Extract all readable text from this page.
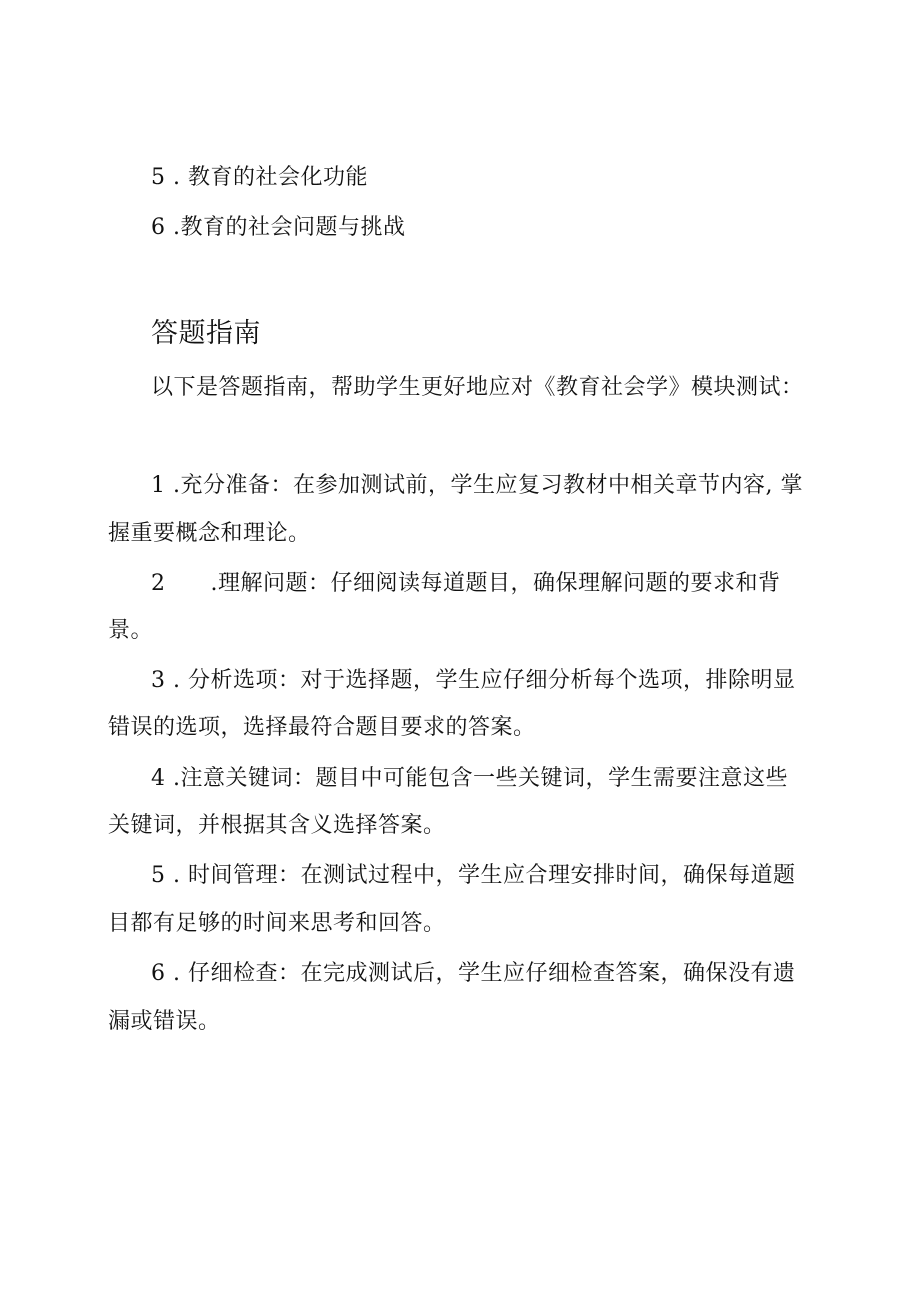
5 . 教育的社会化功能
6 .教育的社会问题与挑战
答题指南
以下是答题指南，帮助学生更好地应对《教育社会学》模块测试：
1 .充分准备：在参加测试前，学生应复习教材中相关章节内容, 掌
握重要概念和理论。
2 .理解问题：仔细阅读每道题目，确保理解问题的要求和背
景。
3 . 分析选项：对于选择题，学生应仔细分析每个选项，排除明显
错误的选项，选择最符合题目要求的答案。
4 .注意关键词：题目中可能包含一些关键词，学生需要注意这些
关键词，并根据其含义选择答案。
5 . 时间管理：在测试过程中，学生应合理安排时间，确保每道题
目都有足够的时间来思考和回答。
6 . 仔细检查：在完成测试后，学生应仔细检查答案，确保没有遗
漏或错误。
